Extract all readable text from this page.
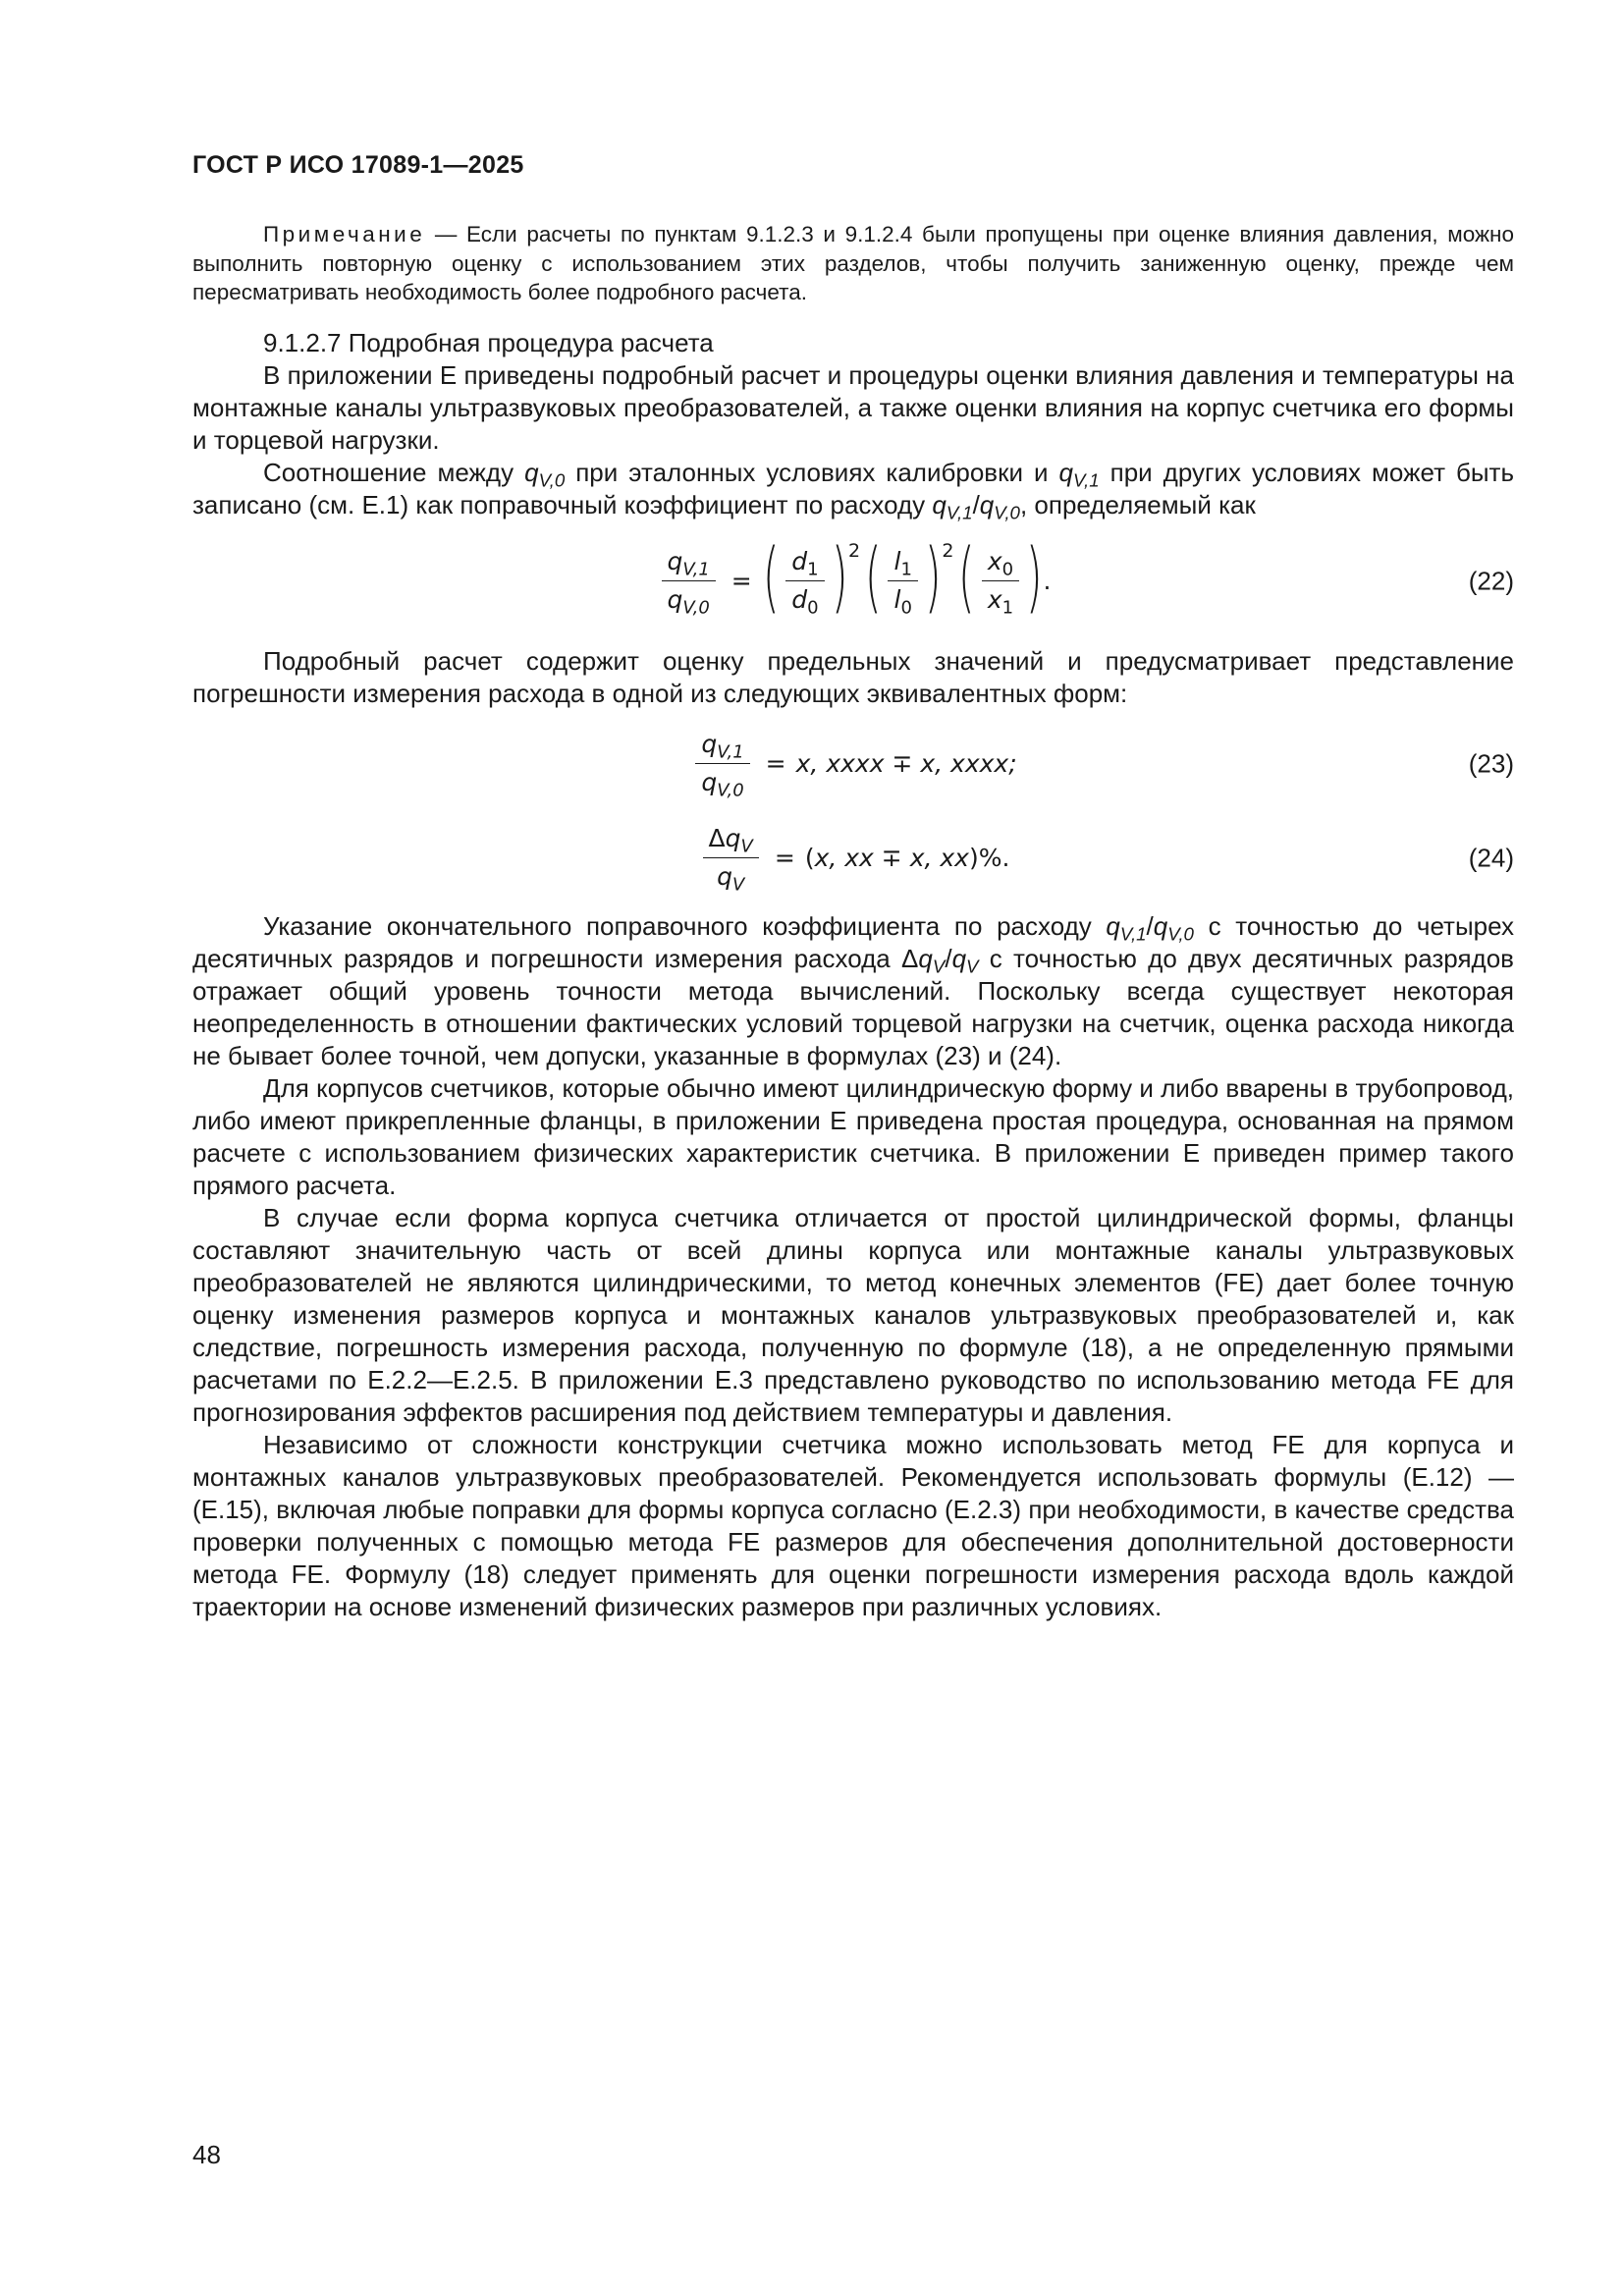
ГОСТ Р ИСО 17089-1—2025

Примечание — Если расчеты по пунктам 9.1.2.3 и 9.1.2.4 были пропущены при оценке влияния давления, можно выполнить повторную оценку с использованием этих разделов, чтобы получить заниженную оценку, прежде чем пересматривать необходимость более подробного расчета.

9.1.2.7 Подробная процедура расчета

В приложении Е приведены подробный расчет и процедуры оценки влияния давления и температуры на монтажные каналы ультразвуковых преобразователей, а также оценки влияния на корпус счетчика его формы и торцевой нагрузки.

Соотношение между $q_{V,0}$ при эталонных условиях калибровки и $q_{V,1}$ при других условиях может быть записано (см. Е.1) как поправочный коэффициент по расходу $q_{V,1}/q_{V,0}$, определяемый как

$\frac{q_{V,1}}{q_{V,0}}$ = ( $\frac{d_1}{d_0}$ ) 2 ( $\frac{l_1}{l_0}$ ) 2 ( $\frac{x_0}{x_1}$ ) .	(22)

Подробный расчет содержит оценку предельных значений и предусматривает представление погрешности измерения расхода в одной из следующих эквивалентных форм:

$\frac{q_{V,1}}{q_{V,0}} = x$, xxxx ∓ x, xxxx;	(23)
$\frac{\Delta q_V}{q_V}$ = ( x, xx ∓ x, xx ) %.	(24)

Указание окончательного поправочного коэффициента по расходу $q_{V,1}/q_{V,0}$ с точностью до четырех десятичных разрядов и погрешности измерения расхода $\Delta q_V/q_V$ с точностью до двух десятичных разрядов отражает общий уровень точности метода вычислений. Поскольку всегда существует некоторая неопределенность в отношении фактических условий торцевой нагрузки на счетчик, оценка расхода никогда не бывает более точной, чем допуски, указанные в формулах (23) и (24).

Для корпусов счетчиков, которые обычно имеют цилиндрическую форму и либо вварены в трубопровод, либо имеют прикрепленные фланцы, в приложении Е приведена простая процедура, основанная на прямом расчете с использованием физических характеристик счетчика. В приложении Е приведен пример такого прямого расчета.

В случае если форма корпуса счетчика отличается от простой цилиндрической формы, фланцы составляют значительную часть от всей длины корпуса или монтажные каналы ультразвуковых преобразователей не являются цилиндрическими, то метод конечных элементов (FE) дает более точную оценку изменения размеров корпуса и монтажных каналов ультразвуковых преобразователей и, как следствие, погрешность измерения расхода, полученную по формуле (18), а не определенную прямыми расчетами по Е.2.2—Е.2.5. В приложении Е.3 представлено руководство по использованию метода FE для прогнозирования эффектов расширения под действием температуры и давления.

Независимо от сложности конструкции счетчика можно использовать метод FE для корпуса и монтажных каналов ультразвуковых преобразователей. Рекомендуется использовать формулы (Е.12) — (Е.15), включая любые поправки для формы корпуса согласно (Е.2.3) при необходимости, в качестве средства проверки полученных с помощью метода FE размеров для обеспечения дополнительной достоверности метода FE. Формулу (18) следует применять для оценки погрешности измерения расхода вдоль каждой траектории на основе изменений физических размеров при различных условиях.

48
